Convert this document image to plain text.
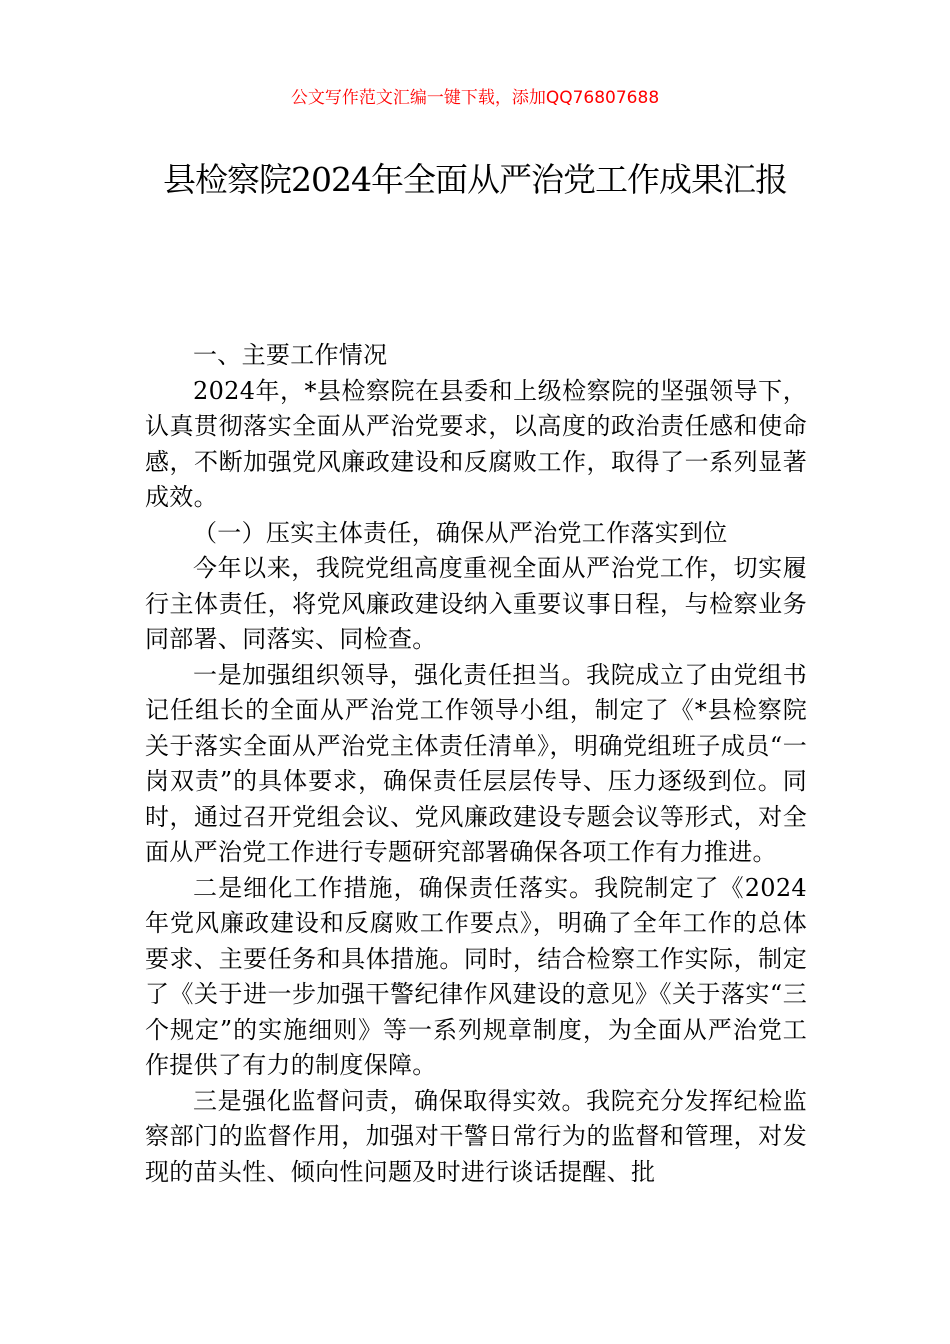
公文写作范文汇编一键下载，添加QQ76807688
县检察院2024年全面从严治党工作成果汇报

一、主要工作情况

2024年，*县检察院在县委和上级检察院的坚强领导下，认真贯彻落实全面从严治党要求，以高度的政治责任感和使命感，不断加强党风廉政建设和反腐败工作，取得了一系列显著成效。

（一）压实主体责任，确保从严治党工作落实到位

今年以来，我院党组高度重视全面从严治党工作，切实履行主体责任，将党风廉政建设纳入重要议事日程，与检察业务同部署、同落实、同检查。

一是加强组织领导，强化责任担当。我院成立了由党组书记任组长的全面从严治党工作领导小组，制定了《*县检察院关于落实全面从严治党主体责任清单》，明确党组班子成员“一岗双责”的具体要求，确保责任层层传导、压力逐级到位。同时，通过召开党组会议、党风廉政建设专题会议等形式，对全面从严治党工作进行专题研究部署确保各项工作有力推进。

二是细化工作措施，确保责任落实。我院制定了《2024年党风廉政建设和反腐败工作要点》，明确了全年工作的总体要求、主要任务和具体措施。同时，结合检察工作实际，制定了《关于进一步加强干警纪律作风建设的意见》《关于落实“三个规定”的实施细则》等一系列规章制度，为全面从严治党工作提供了有力的制度保障。

三是强化监督问责，确保取得实效。我院充分发挥纪检监察部门的监督作用，加强对干警日常行为的监督和管理，对发现的苗头性、倾向性问题及时进行谈话提醒、批
